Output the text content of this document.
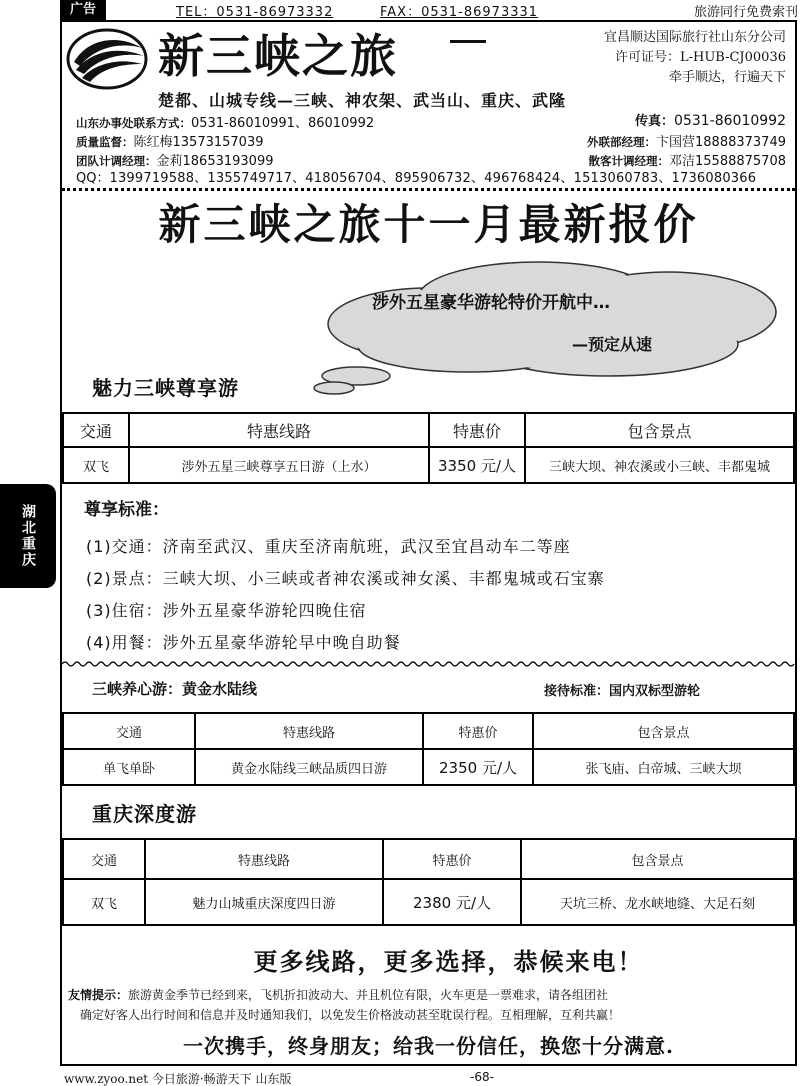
广告	TEL：0531-86973332	FAX：0531-86973331	旅游同行免费索刊
湖北重庆
新三峡之旅	宜昌顺达国际旅行社山东分公司
许可证号：L-HUB-CJ00036
牵手顺达，行遍天下
楚都、山城专线—三峡、神农架、武当山、重庆、武隆
山东办事处联系方式：0531-86010991、86010992	传真：0531-86010992
质量监督：陈红梅13573157039	外联部经理：卞国营18888373749
团队计调经理：金莉18653193099	散客计调经理：邓洁15588875708
QQ：1399719588、1355749717、418056704、895906732、496768424、1513060783、1736080366
新三峡之旅十一月最新报价
涉外五星豪华游轮特价开航中…
—预定从速
魅力三峡尊享游
交通	特惠线路	特惠价	包含景点
双飞	涉外五星三峡尊享五日游（上水）	3350 元/人	三峡大坝、神农溪或小三峡、丰都鬼城
尊享标准：
(1)交通：济南至武汉、重庆至济南航班，武汉至宜昌动车二等座
(2)景点：三峡大坝、小三峡或者神农溪或神女溪、丰都鬼城或石宝寨
(3)住宿：涉外五星豪华游轮四晚住宿
(4)用餐：涉外五星豪华游轮早中晚自助餐
三峡养心游：黄金水陆线	接待标准：国内双标型游轮
交通	特惠线路	特惠价	包含景点
单飞单卧	黄金水陆线三峡品质四日游	2350 元/人	张飞庙、白帝城、三峡大坝
重庆深度游
交通	特惠线路	特惠价	包含景点
双飞	魅力山城重庆深度四日游	2380 元/人	天坑三桥、龙水峡地缝、大足石刻
更多线路，更多选择，恭候来电！
友情提示：旅游黄金季节已经到来，飞机折扣波动大、并且机位有限，火车更是一票难求，请各组团社
确定好客人出行时间和信息并及时通知我们，以免发生价格波动甚至耽误行程。互相理解，互利共赢！
一次携手，终身朋友；给我一份信任，换您十分满意.
www.zyoo.net 今日旅游·畅游天下 山东版	-68-
